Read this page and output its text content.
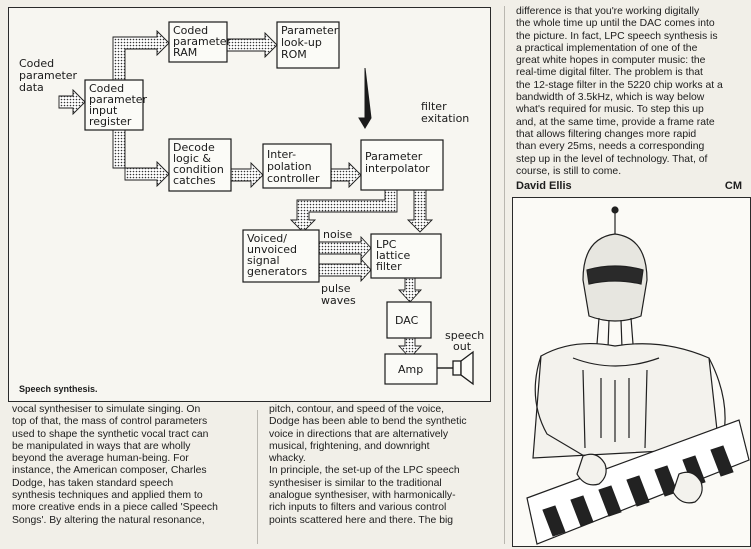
Coded parameter data	Coded parameter input register
Coded parameter RAM
Parameter look-up ROM
Decode logic & condition catches
Inter-polation controller
Parameter interpolator
filter exitation
Voiced/ unvoiced signal generators
noise
LPC lattice filter
pulse waves
DAC
Amp
speech out
Speech synthesis.
vocal synthesiser to simulate singing. On
top of that, the mass of control parameters
used to shape the synthetic vocal tract can
be manipulated in ways that are wholly
beyond the average human-being. For
instance, the American composer, Charles
Dodge, has taken standard speech
synthesis techniques and applied them to
more creative ends in a piece called 'Speech
Songs'. By altering the natural resonance,
pitch, contour, and speed of the voice,
Dodge has been able to bend the synthetic
voice in directions that are alternatively
musical, frightening, and downright
whacky.
In principle, the set-up of the LPC speech
synthesiser is similar to the traditional
analogue synthesiser, with harmonically-
rich inputs to filters and various control
points scattered here and there. The big
difference is that you're working digitally
the whole time up until the DAC comes into
the picture. In fact, LPC speech synthesis is
a practical implementation of one of the
great white hopes in computer music: the
real-time digital filter. The problem is that
the 12-stage filter in the 5220 chip works at a
bandwidth of 3.5kHz, which is way below
what's required for music. To step this up
and, at the same time, provide a frame rate
that allows filtering changes more rapid
than every 25ms, needs a corresponding
step up in the level of technology. That, of
course, is still to come.
David Ellis	CM
